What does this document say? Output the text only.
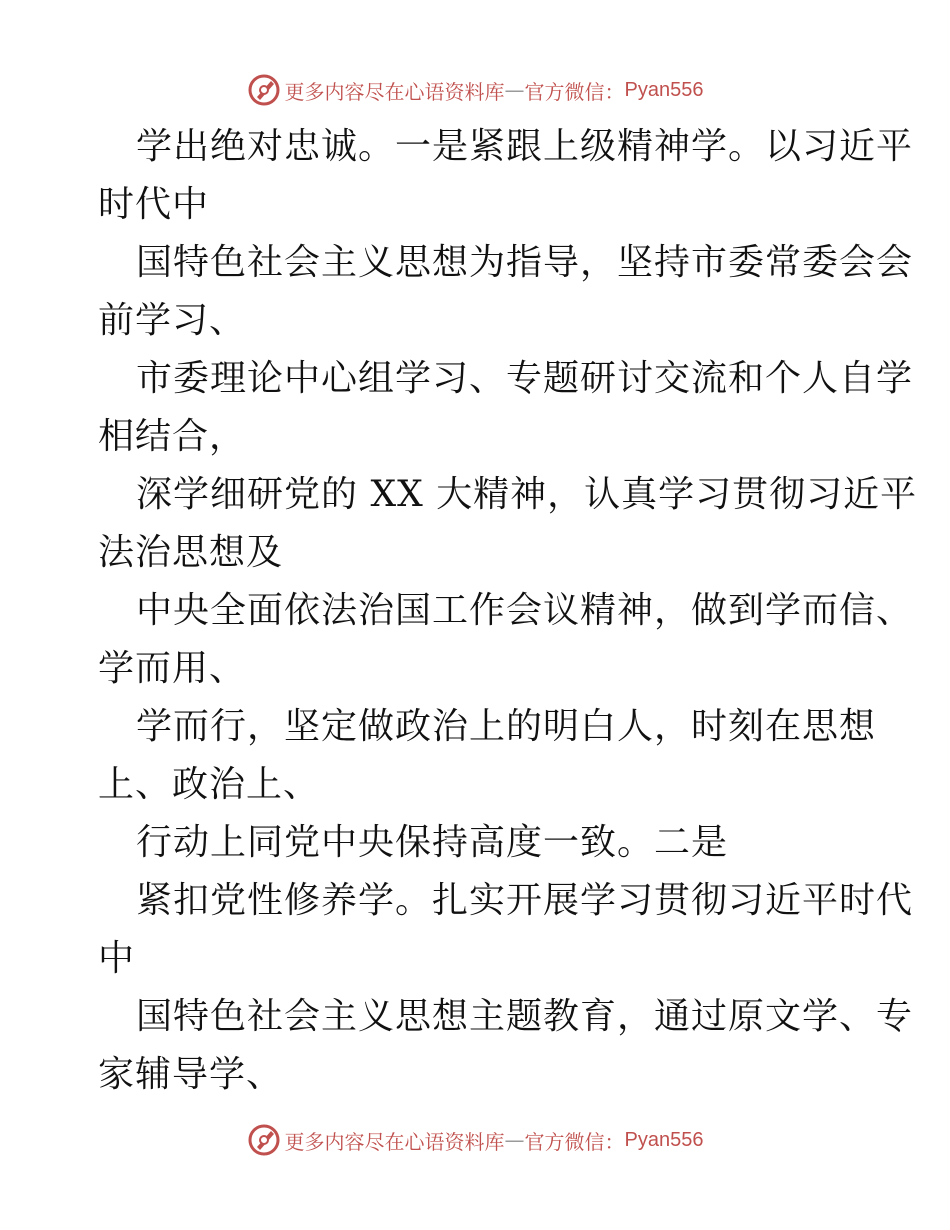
更多内容尽在心语资料库 — 官方微信： Pyan556
学出绝对忠诚。一是紧跟上级精神学。以习近平
时代中
国特色社会主义思想为指导，坚持市委常委会会
前学习、
市委理论中心组学习、专题研讨交流和个人自学
相结合，
深学细研党的 XX 大精神，认真学习贯彻习近平
法治思想及
中央全面依法治国工作会议精神，做到学而信、
学而用、
学而行，坚定做政治上的明白人，时刻在思想
上、政治上、
行动上同党中央保持高度一致。二是
紧扣党性修养学。扎实开展学习贯彻习近平时代
中
国特色社会主义思想主题教育，通过原文学、专
家辅导学、
更多内容尽在心语资料库 — 官方微信： Pyan556
